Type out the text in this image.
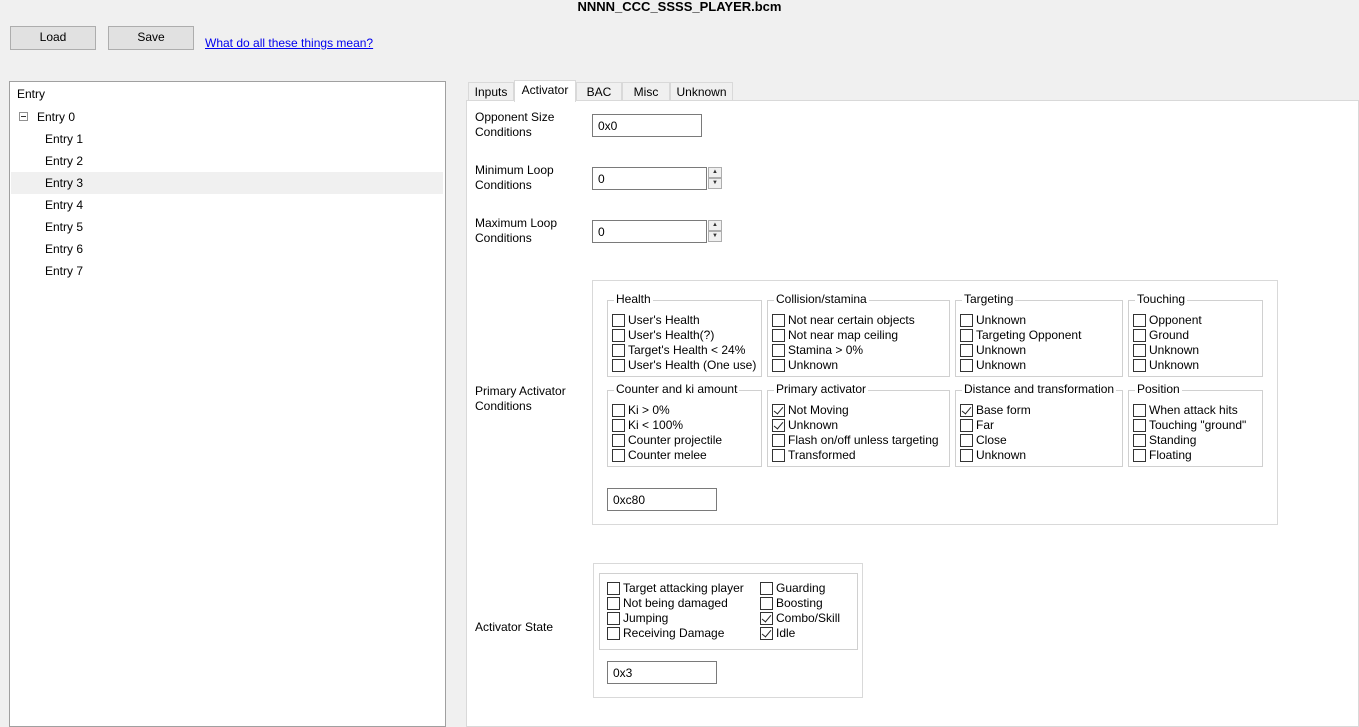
NNNN_CCC_SSSS_PLAYER.bcm
Load	Save	What do all these things mean?
Entry
Entry 0
Entry 1
Entry 2
Entry 3
Entry 4
Entry 5
Entry 6
Entry 7
Inputs	Activator	BAC	Misc	Unknown
Opponent Size Conditions
0x0
Minimum Loop Conditions
0
▲
▼
Maximum Loop Conditions
0
▲
▼
Primary Activator Conditions
Health
User's Health
User's Health(?)
Target's Health < 24%
User's Health (One use)
Collision/stamina
Not near certain objects
Not near map ceiling
Stamina > 0%
Unknown
Targeting
Unknown
Targeting Opponent
Unknown
Unknown
Touching
Opponent
Ground
Unknown
Unknown
Counter and ki amount
Ki > 0%
Ki < 100%
Counter projectile
Counter melee
Primary activator
Not Moving
Unknown
Flash on/off unless targeting
Transformed
Distance and transformation
Base form
Far
Close
Unknown
Position
When attack hits
Touching "ground"
Standing
Floating
0xc80
Activator State
Target attacking player
Not being damaged
Jumping
Receiving Damage
Guarding
Boosting
Combo/Skill
Idle
0x3
